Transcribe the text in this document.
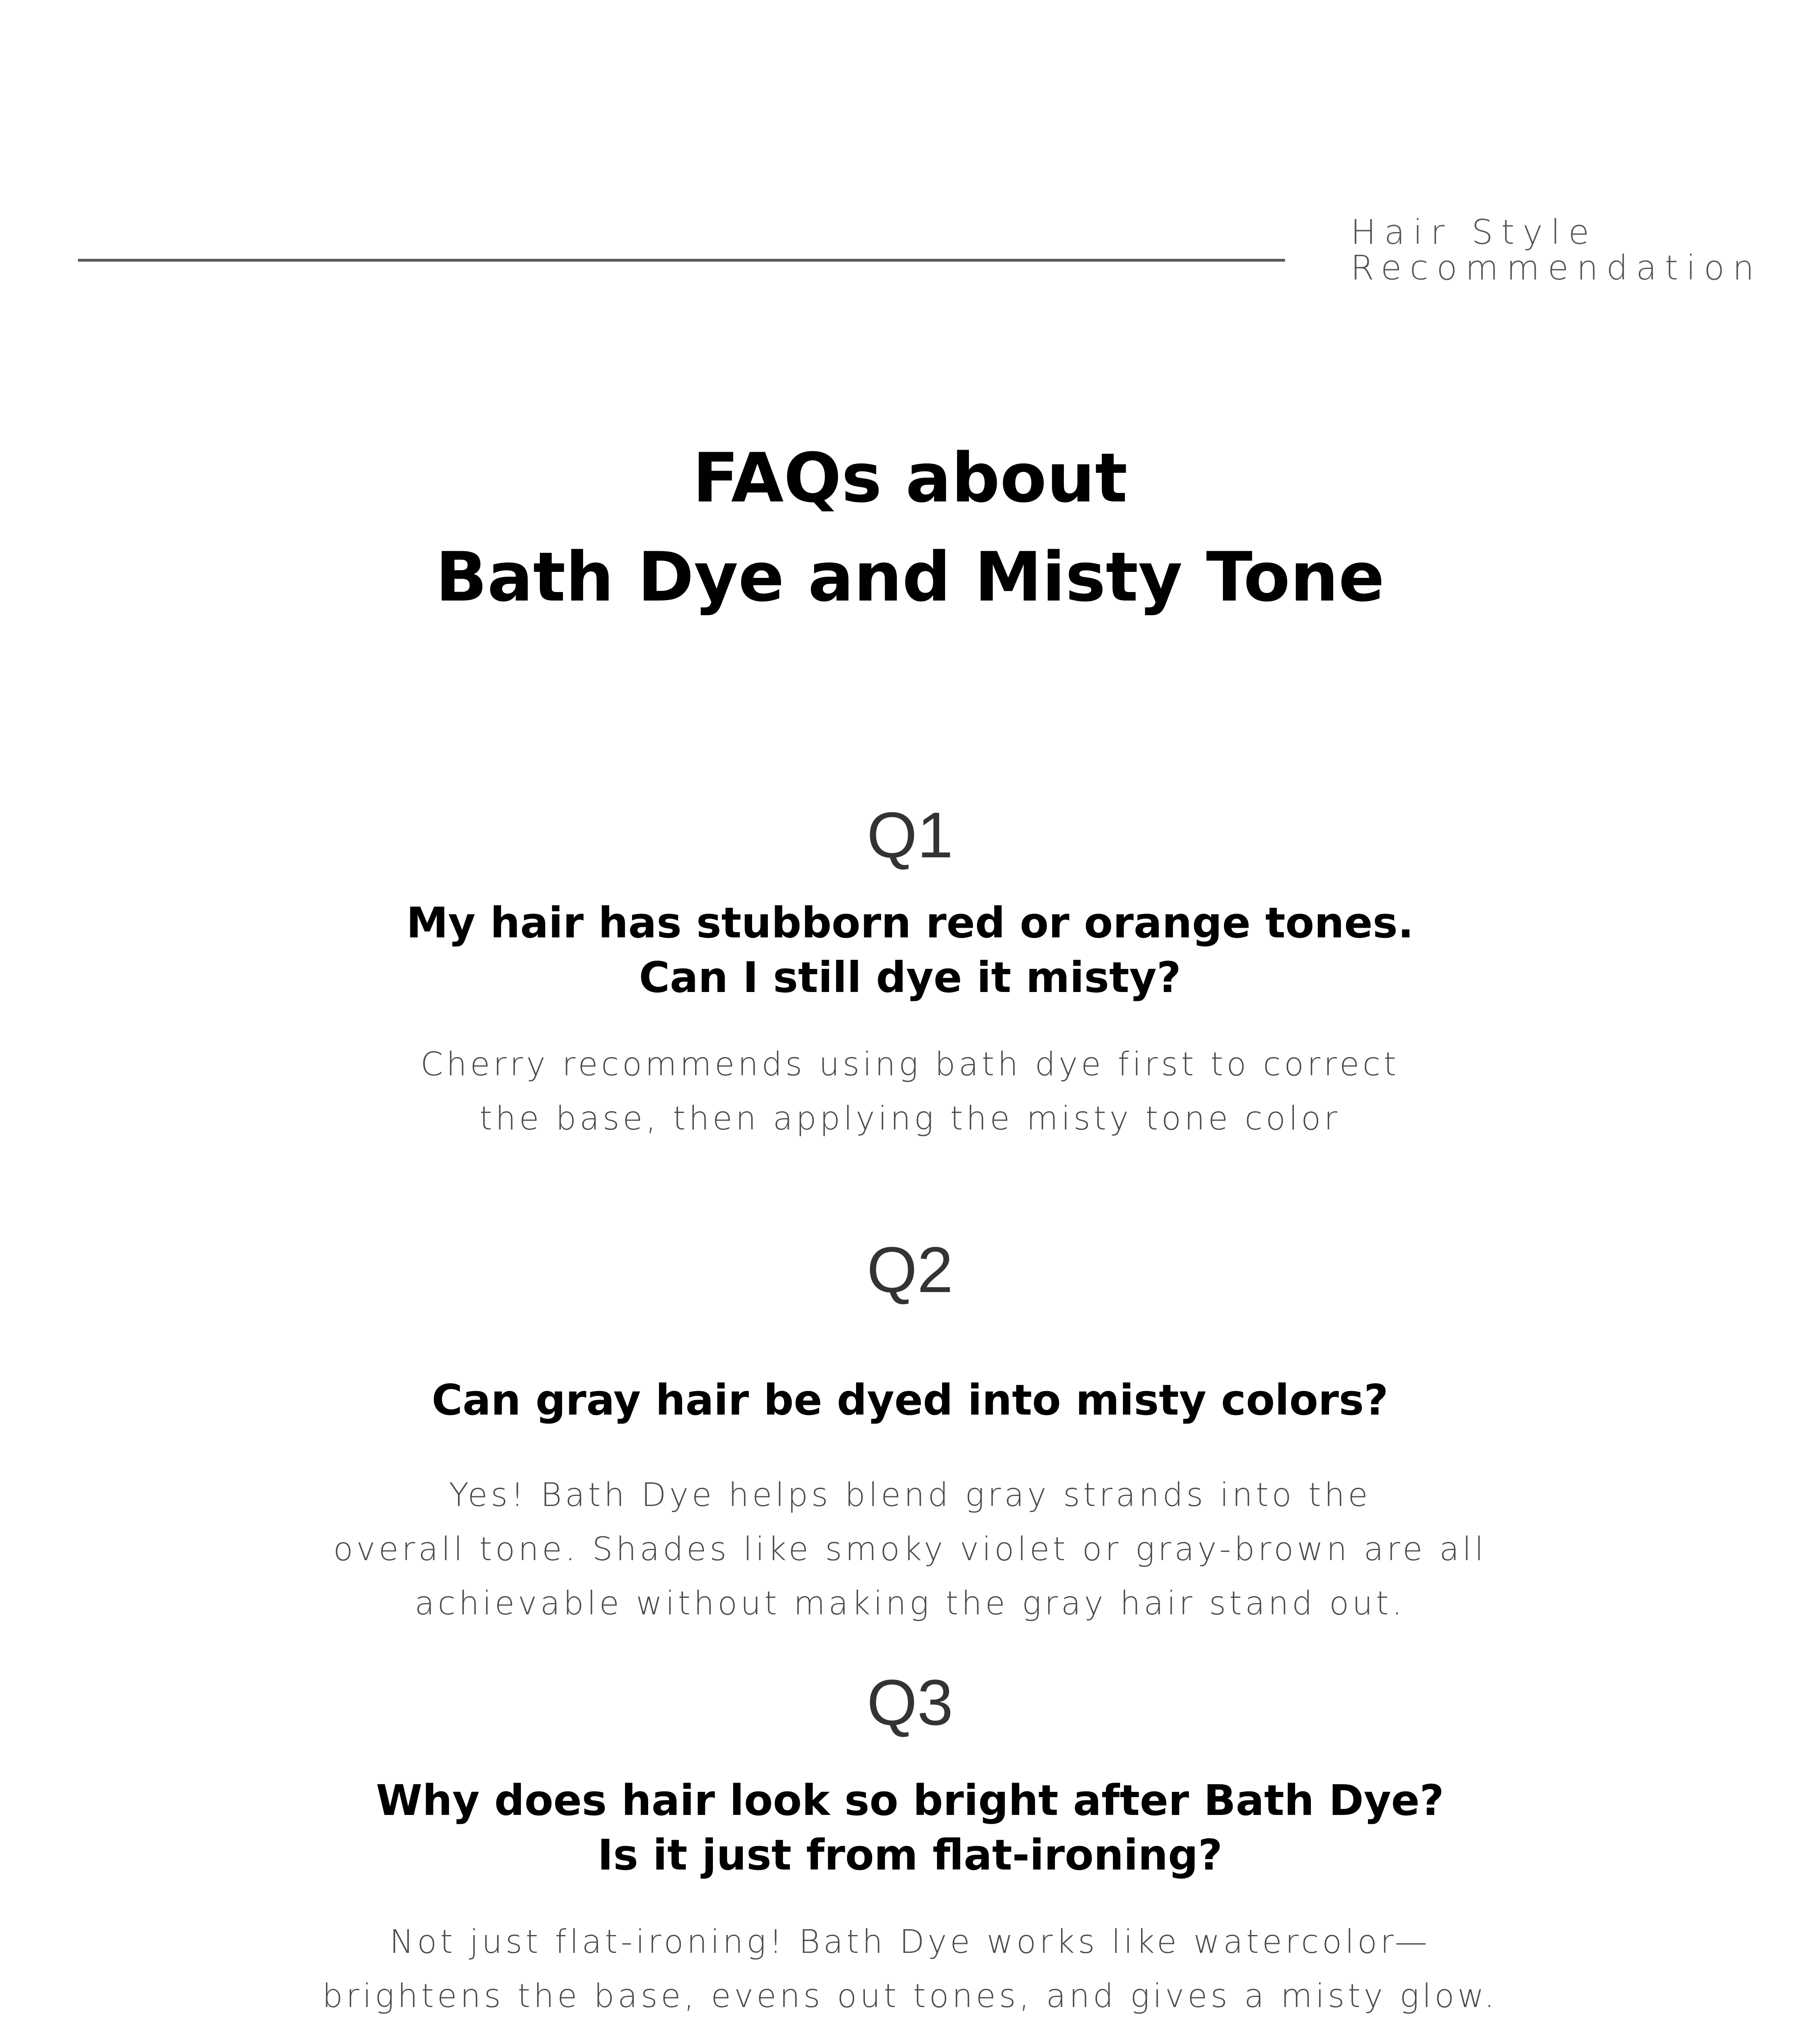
Hair Style
Recommendation
FAQs about
Bath Dye and Misty Tone
Q1
My hair has stubborn red or orange tones.
Can I still dye it misty?
Cherry recommends using bath dye first to correct
the base, then applying the misty tone color
Q2
Can gray hair be dyed into misty colors?
Yes! Bath Dye helps blend gray strands into the
overall tone. Shades like smoky violet or gray-brown are all
achievable without making the gray hair stand out.
Q3
Why does hair look so bright after Bath Dye?
Is it just from flat-ironing?
Not just flat-ironing! Bath Dye works like watercolor—
brightens the base, evens out tones, and gives a misty glow.
